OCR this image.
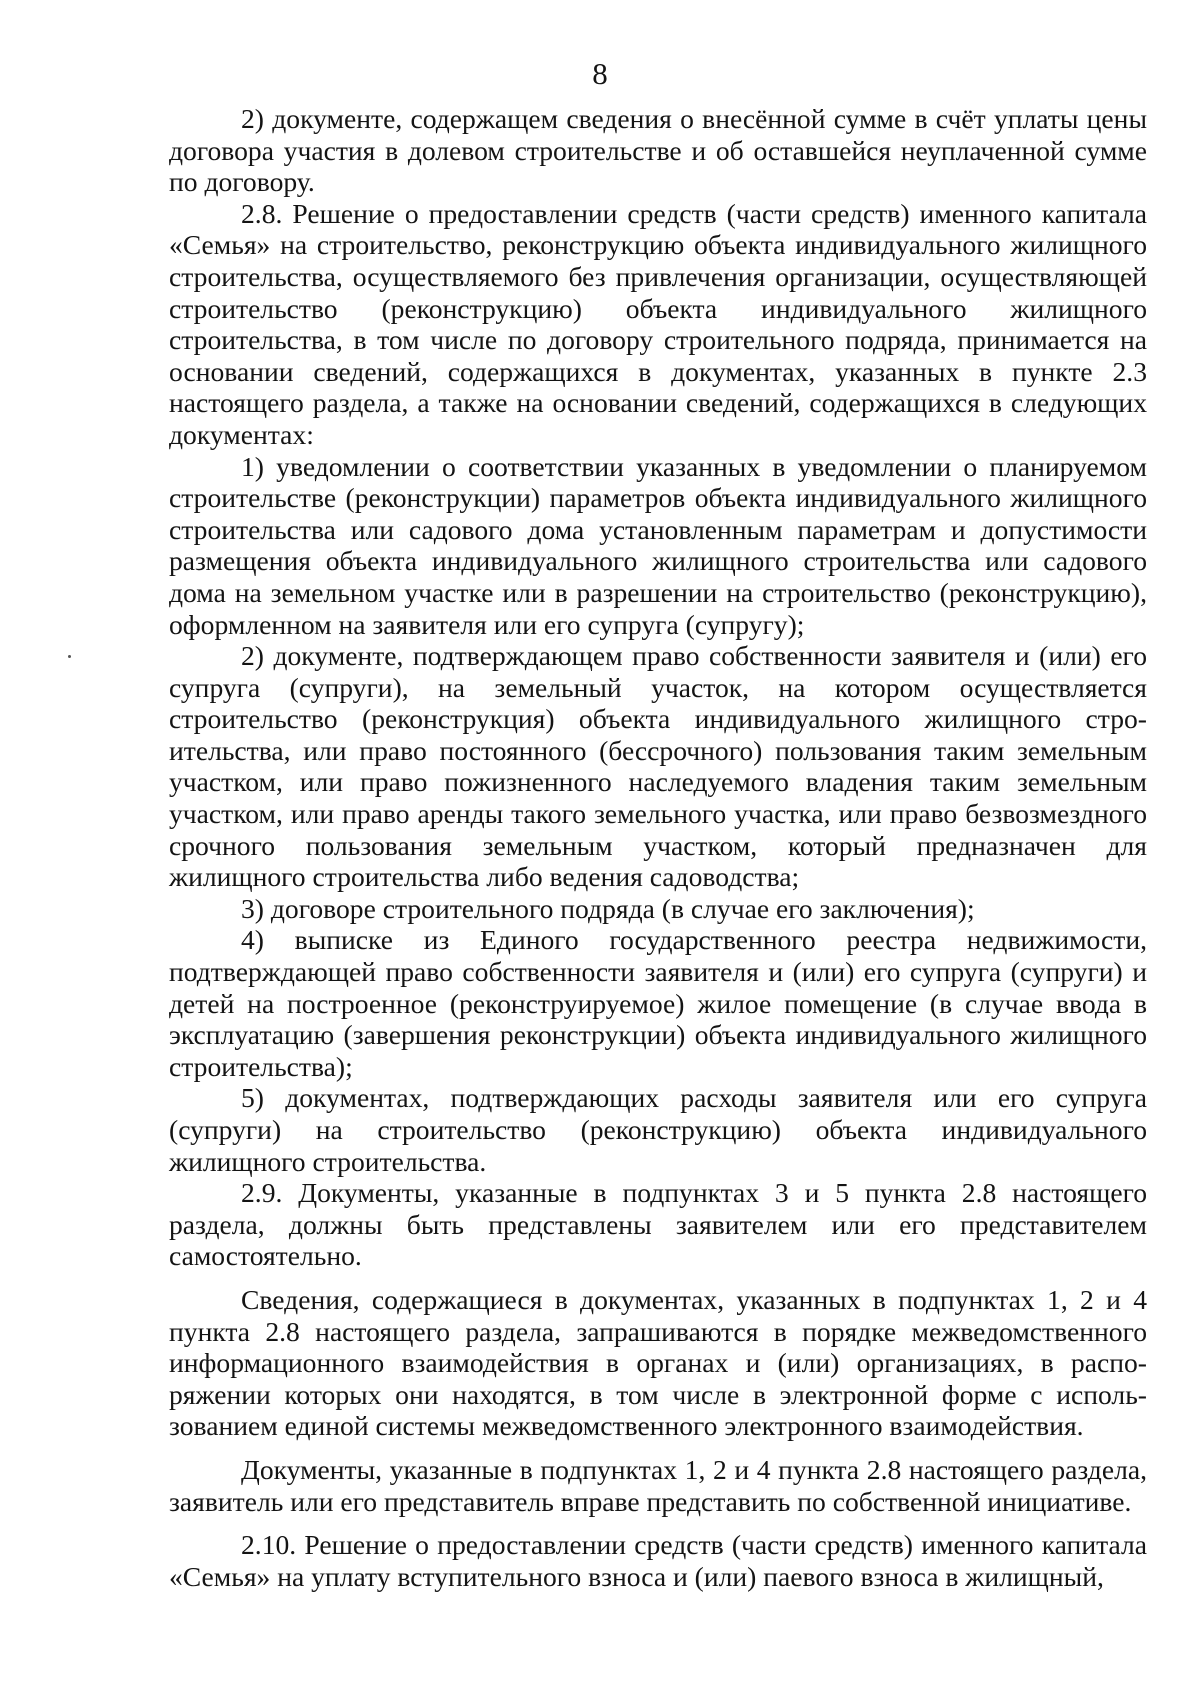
8

2) документе, содержащем сведения о внесённой сумме в счёт уплаты цены договора участия в долевом строительстве и об оставшейся неуплаченной сумме по договору.

2.8. Решение о предоставлении средств (части средств) именного капитала «Семья» на строительство, реконструкцию объекта индивидуального жилищного строительства, осуществляемого без привлечения организации, осуществляющей строительство (реконструкцию) объекта индивидуального жилищного строительства, в том числе по договору строительного подряда, принимается на основании сведений, содержащихся в документах, указанных в пункте 2.3 настоящего раздела, а также на основании сведений, содержащихся в следующих документах:

1) уведомлении о соответствии указанных в уведомлении о планируемом строительстве (реконструкции) параметров объекта индивидуального жилищного строительства или садового дома установленным параметрам и допустимости размещения объекта индивидуального жилищного строительства или садового дома на земельном участке или в разрешении на строительство (реконструкцию), оформленном на заявителя или его супруга (супругу);

2) документе, подтверждающем право собственности заявителя и (или) его супруга (супруги), на земельный участок, на котором осуществляется строительство (реконструкция) объекта индивидуального жилищного строительства, или право постоянного (бессрочного) пользования таким земельным участком, или право пожизненного наследуемого владения таким земельным участком, или право аренды такого земельного участка, или право безвозмездного срочного пользования земельным участком, который предназначен для жилищного строительства либо ведения садоводства;

3) договоре строительного подряда (в случае его заключения);

4) выписке из Единого государственного реестра недвижимости, подтверждающей право собственности заявителя и (или) его супруга (супруги) и детей на построенное (реконструируемое) жилое помещение (в случае ввода в эксплуатацию (завершения реконструкции) объекта индивидуального жилищного строительства);

5) документах, подтверждающих расходы заявителя или его супруга (супруги) на строительство (реконструкцию) объекта индивидуального жилищного строительства.

2.9. Документы, указанные в подпунктах 3 и 5 пункта 2.8 настоящего раздела, должны быть представлены заявителем или его представителем самостоятельно.

Сведения, содержащиеся в документах, указанных в подпунктах 1, 2 и 4 пункта 2.8 настоящего раздела, запрашиваются в порядке межведомственного информационного взаимодействия в органах и (или) организациях, в распоряжении которых они находятся, в том числе в электронной форме с использованием единой системы межведомственного электронного взаимодействия.

Документы, указанные в подпунктах 1, 2 и 4 пункта 2.8 настоящего раздела, заявитель или его представитель вправе представить по собственной инициативе.

2.10. Решение о предоставлении средств (части средств) именного капитала «Семья» на уплату вступительного взноса и (или) паевого взноса в жилищный,
